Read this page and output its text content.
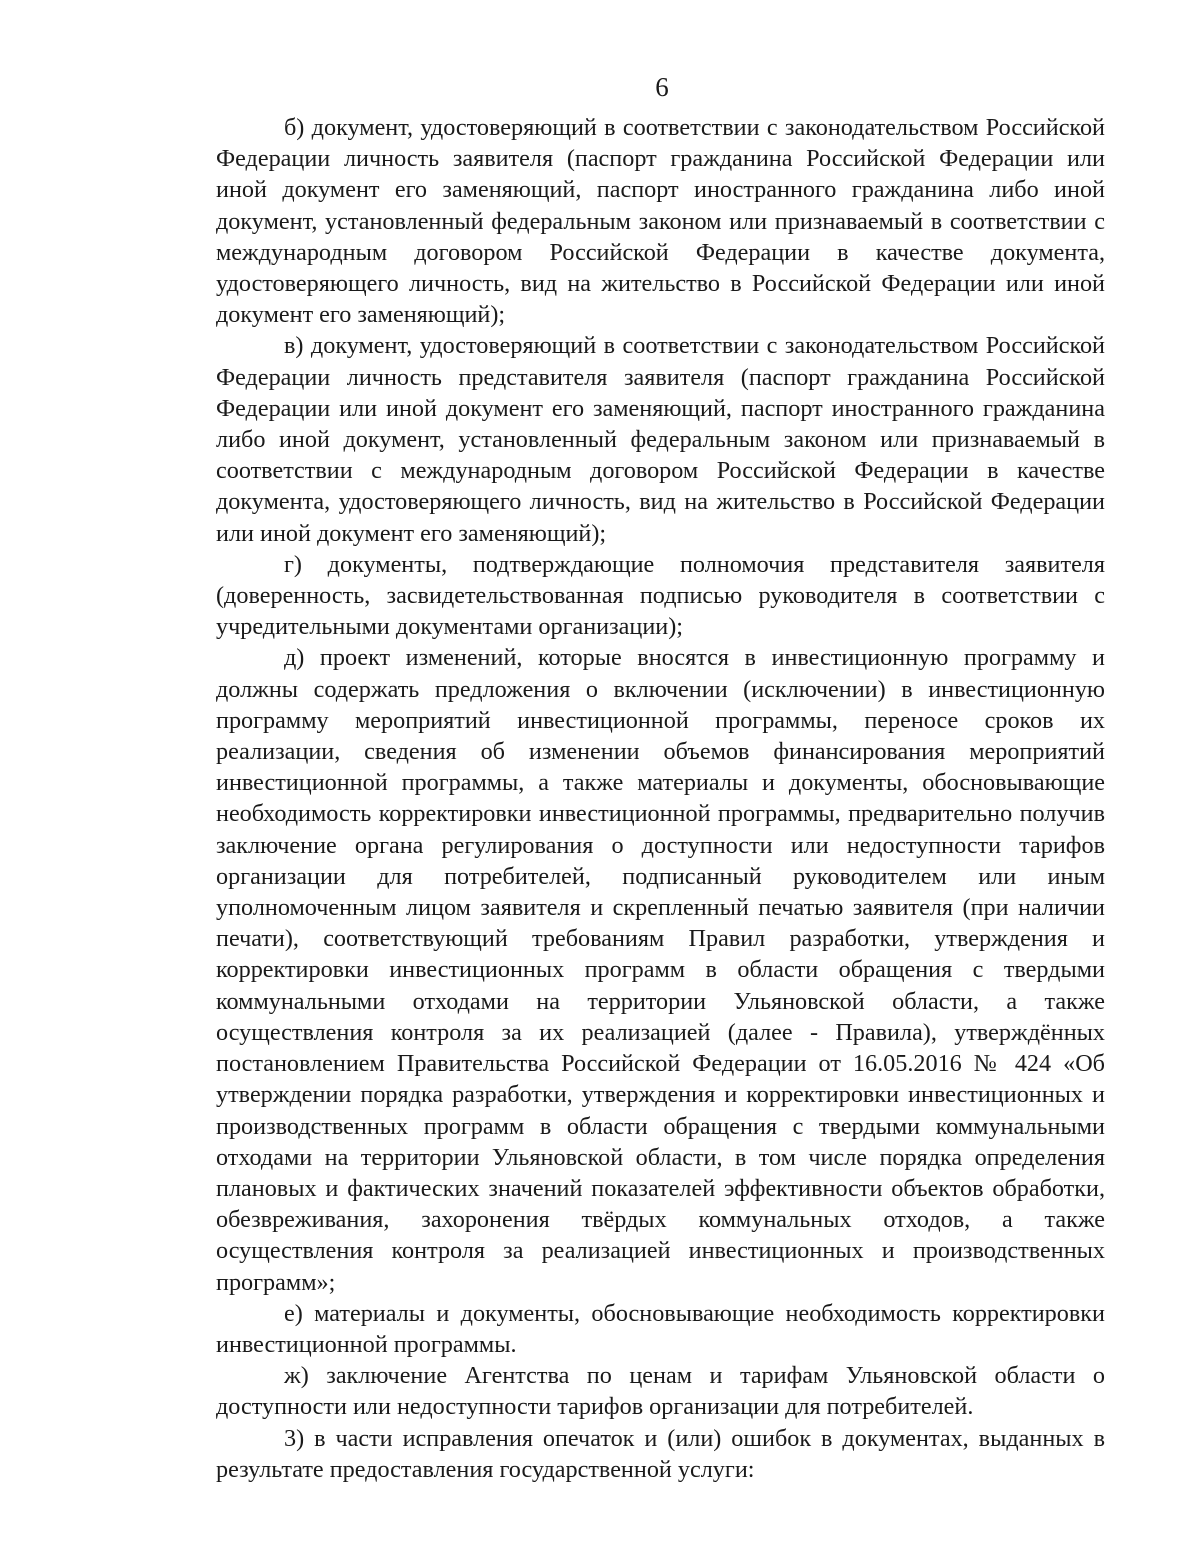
6

б) документ, удостоверяющий в соответствии с законодательством Российской Федерации личность заявителя (паспорт гражданина Российской Федерации или иной документ его заменяющий, паспорт иностранного гражданина либо иной документ, установленный федеральным законом или признаваемый в соответствии с международным договором Российской Федерации в качестве документа, удостоверяющего личность, вид на жительство в Российской Федерации или иной документ его заменяющий);

в) документ, удостоверяющий в соответствии с законодательством Российской Федерации личность представителя заявителя (паспорт гражданина Российской Федерации или иной документ его заменяющий, паспорт иностранного гражданина либо иной документ, установленный федеральным законом или признаваемый в соответствии с международным договором Российской Федерации в качестве документа, удостоверяющего личность, вид на жительство в Российской Федерации или иной документ его заменяющий);

г) документы, подтверждающие полномочия представителя заявителя (доверенность, засвидетельствованная подписью руководителя в соответствии с учредительными документами организации);

д) проект изменений, которые вносятся в инвестиционную программу и должны содержать предложения о включении (исключении) в инвестиционную программу мероприятий инвестиционной программы, переносе сроков их реализации, сведения об изменении объемов финансирования мероприятий инвестиционной программы, а также материалы и документы, обосновывающие необходимость корректировки инвестиционной программы, предварительно получив заключение органа регулирования о доступности или недоступности тарифов организации для потребителей, подписанный руководителем или иным уполномоченным лицом заявителя и скрепленный печатью заявителя (при наличии печати), соответствующий требованиям Правил разработки, утверждения и корректировки инвестиционных программ в области обращения с твердыми коммунальными отходами на территории Ульяновской области, а также осуществления контроля за их реализацией (далее - Правила), утверждённых постановлением Правительства Российской Федерации от 16.05.2016 № 424 «Об утверждении порядка разработки, утверждения и корректировки инвестиционных и производственных программ в области обращения с твердыми коммунальными отходами на территории Ульяновской области, в том числе порядка определения плановых и фактических значений показателей эффективности объектов обработки, обезвреживания, захоронения твёрдых коммунальных отходов, а также осуществления контроля за реализацией инвестиционных и производственных программ»;

е) материалы и документы, обосновывающие необходимость корректировки инвестиционной программы.

ж) заключение Агентства по ценам и тарифам Ульяновской области о доступности или недоступности тарифов организации для потребителей.

3) в части исправления опечаток и (или) ошибок в документах, выданных в результате предоставления государственной услуги:
